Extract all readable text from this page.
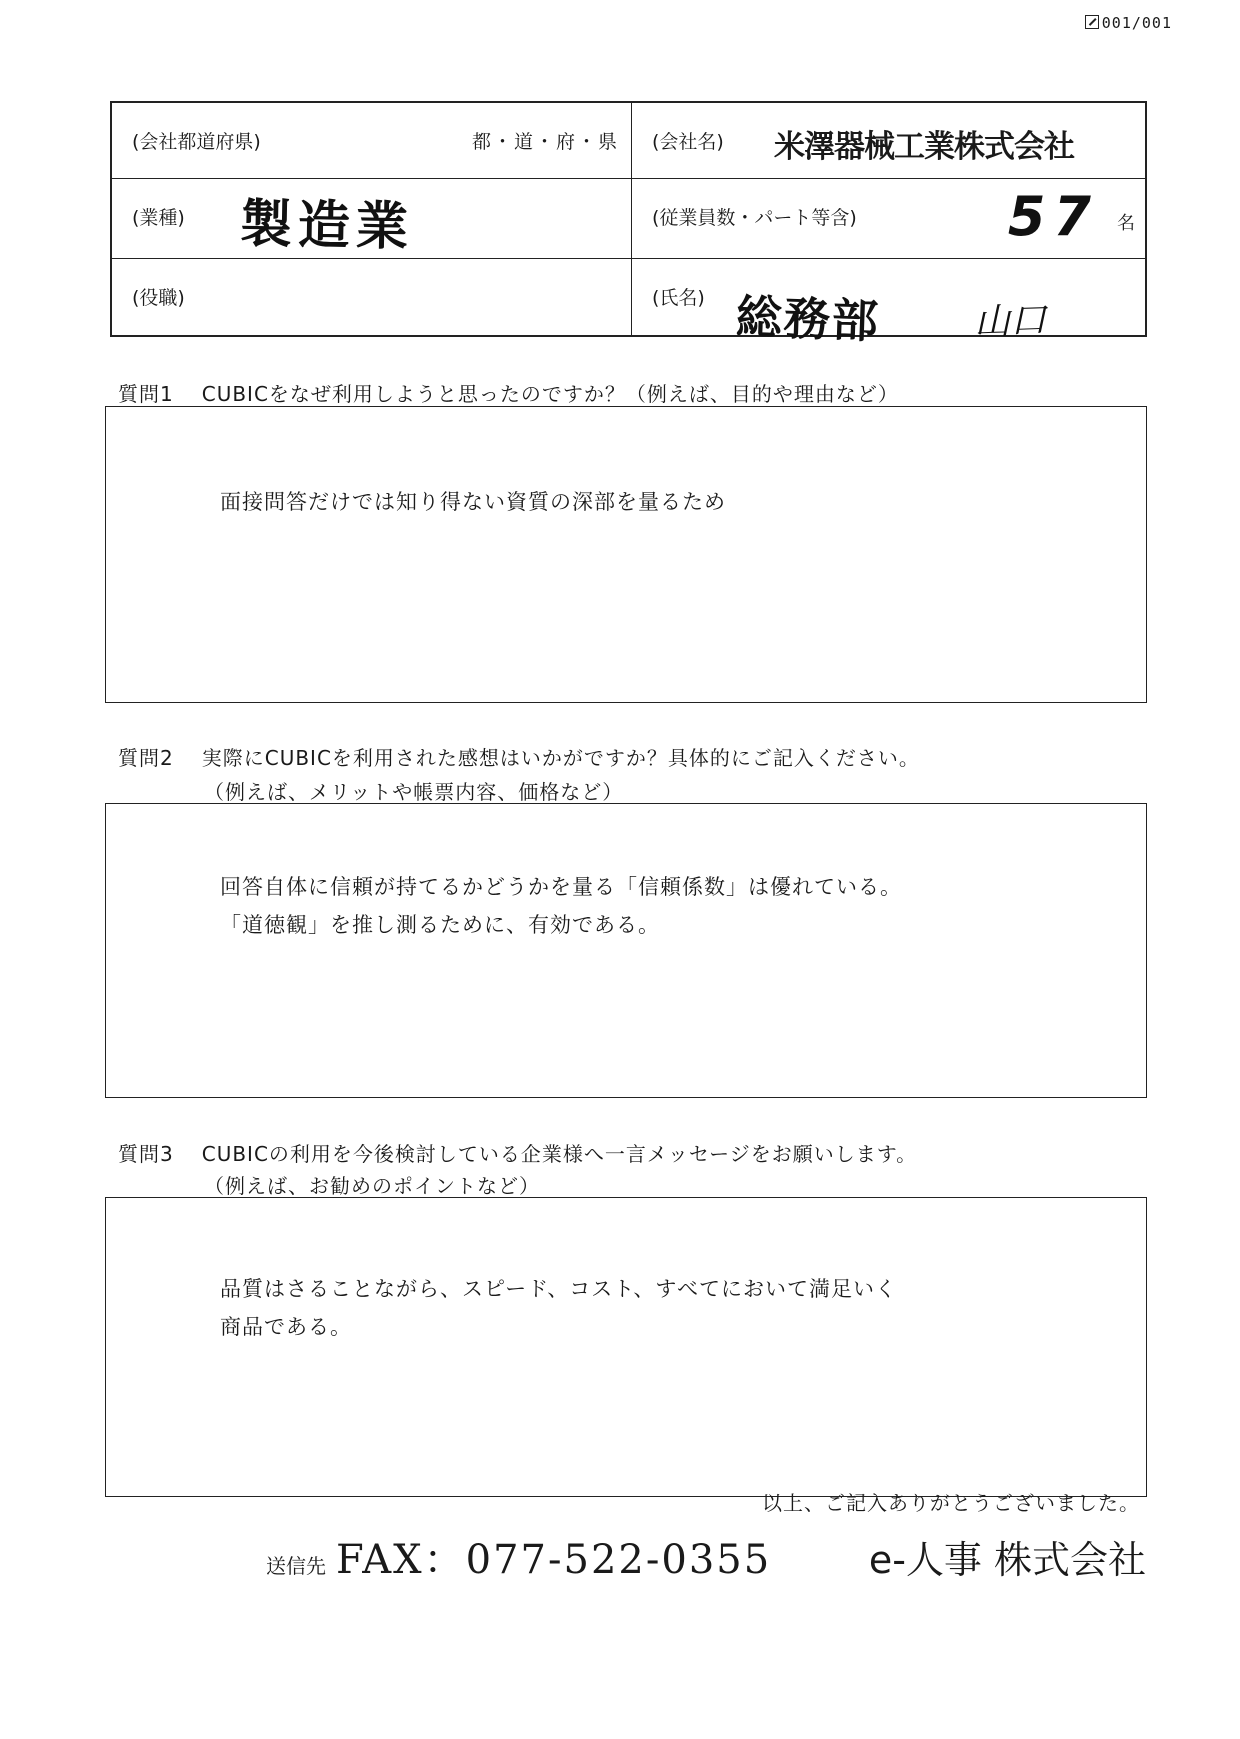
001/001
(会社都道府県)	都・道・府・県 (会社名) 米澤器械工業株式会社
(業種) 製造業	(従業員数・パート等含)	57 名
(役職)	(氏名) 総務部	山口
質問1 CUBICをなぜ利用しようと思ったのですか？（例えば、目的や理由など）
面接問答だけでは知り得ない資質の深部を量るため
質問2 実際にCUBICを利用された感想はいかがですか？具体的にご記入ください。
（例えば、メリットや帳票内容、価格など）
回答自体に信頼が持てるかどうかを量る「信頼係数」は優れている。
「道徳観」を推し測るために、有効である。
質問3 CUBICの利用を今後検討している企業様へ一言メッセージをお願いします。
（例えば、お勧めのポイントなど）
品質はさることながら、スピード、コスト、すべてにおいて満足いく
商品である。
以上、ご記入ありがとうございました。
送信先 FAX：077-522-0355	e-人事 株式会社
